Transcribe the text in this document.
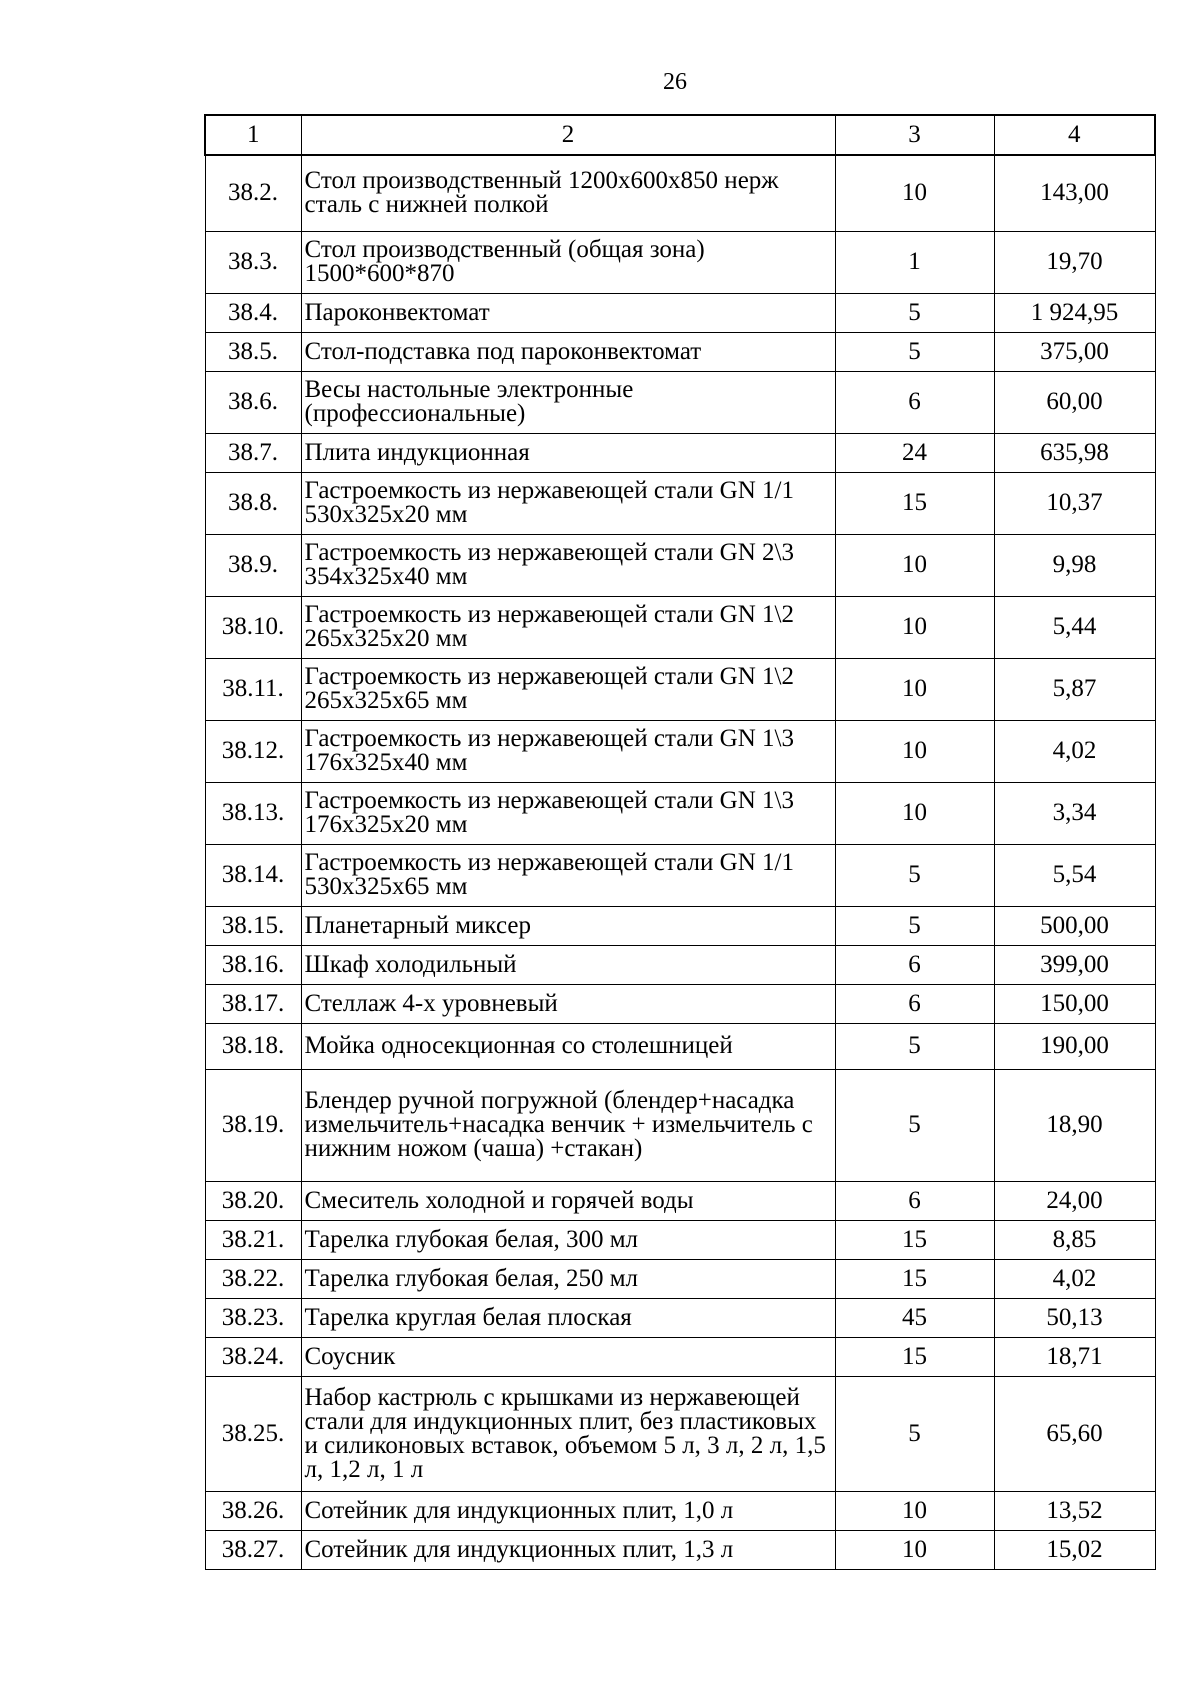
26
1	2	3	4
38.2.	Стол производственный 1200х600х850 нерж сталь с нижней полкой	10	143,00
38.3.	Стол производственный (общая зона) 1500*600*870	1	19,70
38.4.	Пароконвектомат	5	1 924,95
38.5.	Стол-подставка под пароконвектомат	5	375,00
38.6.	Весы настольные электронные (профессиональные)	6	60,00
38.7.	Плита индукционная	24	635,98
38.8.	Гастроемкость из нержавеющей стали GN 1/1 530х325х20 мм	15	10,37
38.9.	Гастроемкость из нержавеющей стали GN 2\3 354х325х40 мм	10	9,98
38.10.	Гастроемкость из нержавеющей стали GN 1\2 265х325х20 мм	10	5,44
38.11.	Гастроемкость из нержавеющей стали GN 1\2 265х325х65 мм	10	5,87
38.12.	Гастроемкость из нержавеющей стали GN 1\3 176х325х40 мм	10	4,02
38.13.	Гастроемкость из нержавеющей стали GN 1\3 176х325х20 мм	10	3,34
38.14.	Гастроемкость из нержавеющей стали GN 1/1 530х325х65 мм	5	5,54
38.15.	Планетарный миксер	5	500,00
38.16.	Шкаф холодильный	6	399,00
38.17.	Стеллаж 4-х уровневый	6	150,00
38.18.	Мойка односекционная со столешницей	5	190,00
38.19.	Блендер ручной погружной (блендер+насадка измельчитель+насадка венчик + измельчитель с нижним ножом (чаша) +стакан)	5	18,90
38.20.	Смеситель холодной и горячей воды	6	24,00
38.21.	Тарелка глубокая белая, 300 мл	15	8,85
38.22.	Тарелка глубокая белая, 250 мл	15	4,02
38.23.	Тарелка круглая белая плоская	45	50,13
38.24.	Соусник	15	18,71
38.25.	Набор кастрюль с крышками из нержавеющей стали для индукционных плит, без пластиковых и силиконовых вставок, объемом 5 л, 3 л, 2 л, 1,5 л, 1,2 л, 1 л	5	65,60
38.26.	Сотейник для индукционных плит, 1,0 л	10	13,52
38.27.	Сотейник для индукционных плит, 1,3 л	10	15,02
